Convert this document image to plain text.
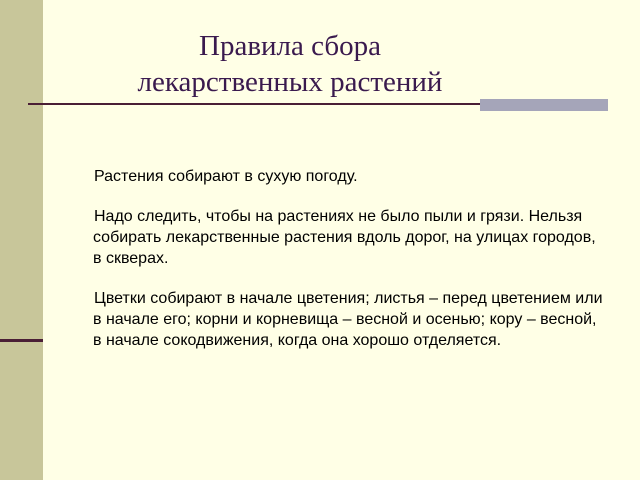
Правила сбора
лекарственных растений

Растения собирают в сухую погоду.

Надо следить, чтобы на растениях не было пыли и грязи. Нельзя собирать лекарственные растения вдоль дорог, на улицах городов, в скверах.

Цветки собирают в начале цветения; листья – перед цветением или в начале его; корни и корневища – весной и осенью; кору – весной, в начале сокодвижения, когда она хорошо отделяется.
